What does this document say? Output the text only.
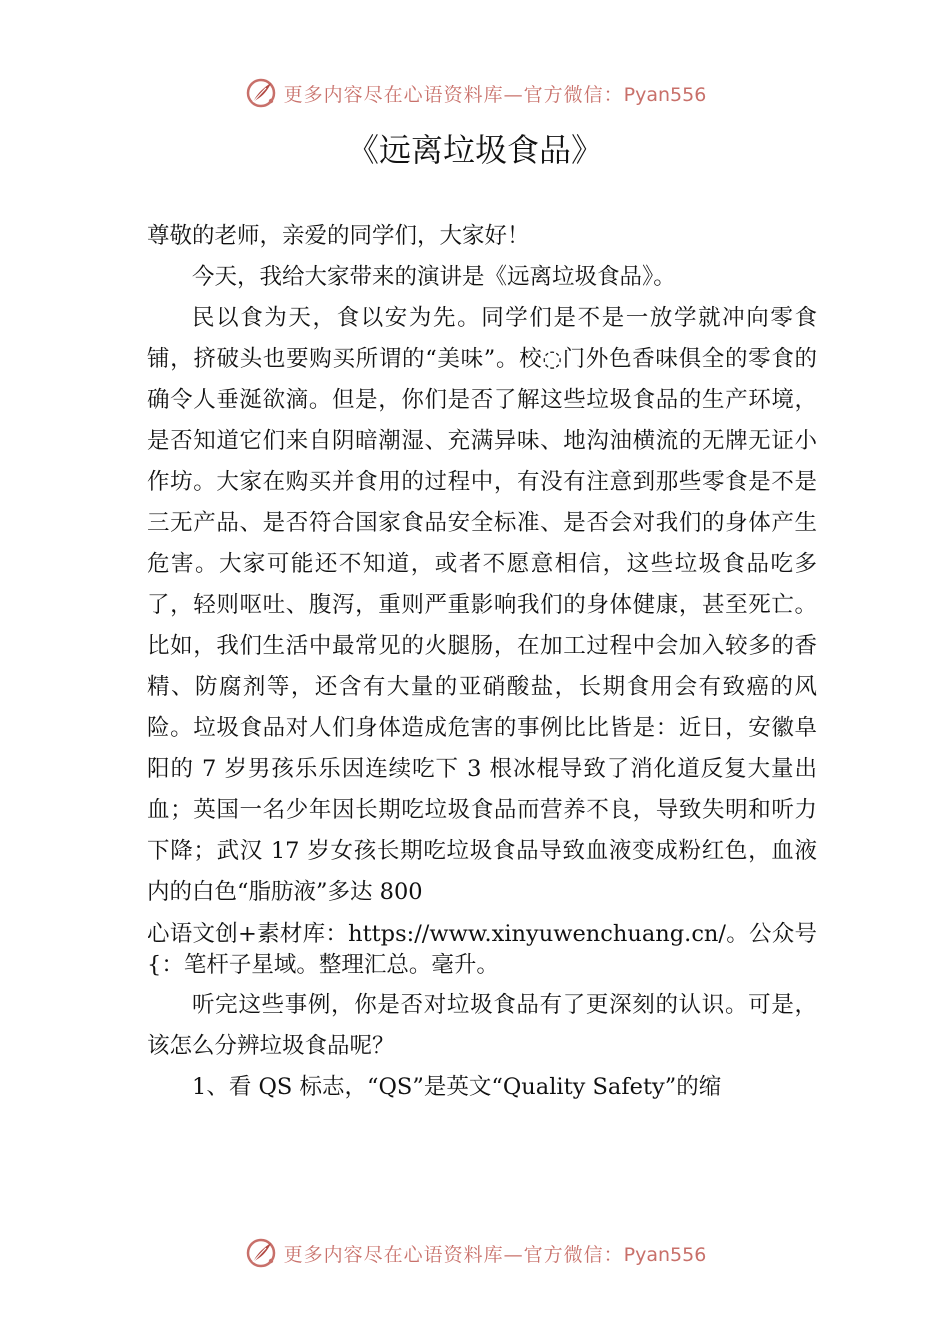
更多内容尽在心语资料库—官方微信：Pyan556
《远离垃圾食品》

尊敬的老师，亲爱的同学们，大家好！

今天，我给大家带来的演讲是《远离垃圾食品》。

民以食为天，食以安为先。同学们是不是一放学就冲向零食铺，挤破头也要购买所谓的“美味”。校◌门外色香味俱全的零食的确令人垂涎欲滴。但是，你们是否了解这些垃圾食品的生产环境，是否知道它们来自阴暗潮湿、充满异味、地沟油横流的无牌无证小作坊。大家在购买并食用的过程中，有没有注意到那些零食是不是三无产品、是否符合国家食品安全标准、是否会对我们的身体产生危害。大家可能还不知道，或者不愿意相信，这些垃圾食品吃多了，轻则呕吐、腹泻，重则严重影响我们的身体健康，甚至死亡。比如，我们生活中最常见的火腿肠，在加工过程中会加入较多的香精、防腐剂等，还含有大量的亚硝酸盐，长期食用会有致癌的风险。垃圾食品对人们身体造成危害的事例比比皆是：近日，安徽阜阳的 7 岁男孩乐乐因连续吃下 3 根冰棍导致了消化道反复大量出血；英国一名少年因长期吃垃圾食品而营养不良，导致失明和听力下降；武汉 17 岁女孩长期吃垃圾食品导致血液变成粉红色，血液内的白色“脂肪液”多达 800

心语文创+素材库：https://www.xinyuwenchuang.cn/。公众号{：笔杆子星域。整理汇总。毫升。

听完这些事例，你是否对垃圾食品有了更深刻的认识。可是，该怎么分辨垃圾食品呢？

1、看 QS 标志，“QS”是英文“Quality Safety”的缩

更多内容尽在心语资料库—官方微信：Pyan556
